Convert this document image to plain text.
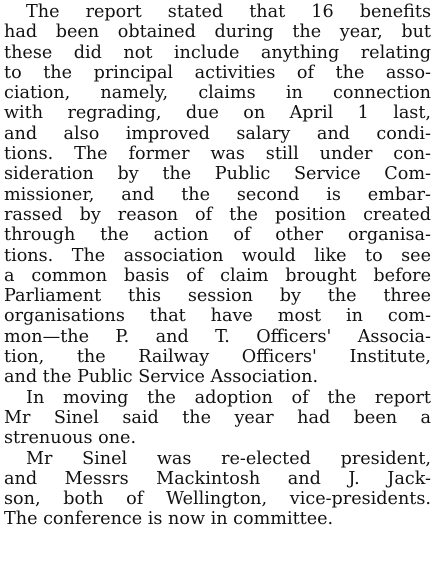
The report stated that 16 benefits
had been obtained during the year, but
these did not include anything relating
to the principal activities of the asso-
ciation, namely, claims in connection
with regrading, due on April 1 last,
and also improved salary and condi-
tions. The former was still under con-
sideration by the Public Service Com-
missioner, and the second is embar-
rassed by reason of the position created
through the action of other organisa-
tions. The association would like to see
a common basis of claim brought before
Parliament this session by the three
organisations that have most in com-
mon—the P. and T. Officers' Associa-
tion, the Railway Officers' Institute,
and the Public Service Association.
In moving the adoption of the report
Mr Sinel said the year had been a
strenuous one.
Mr Sinel was re-elected president,
and Messrs Mackintosh and J. Jack-
son, both of Wellington, vice-presidents.
The conference is now in committee.
